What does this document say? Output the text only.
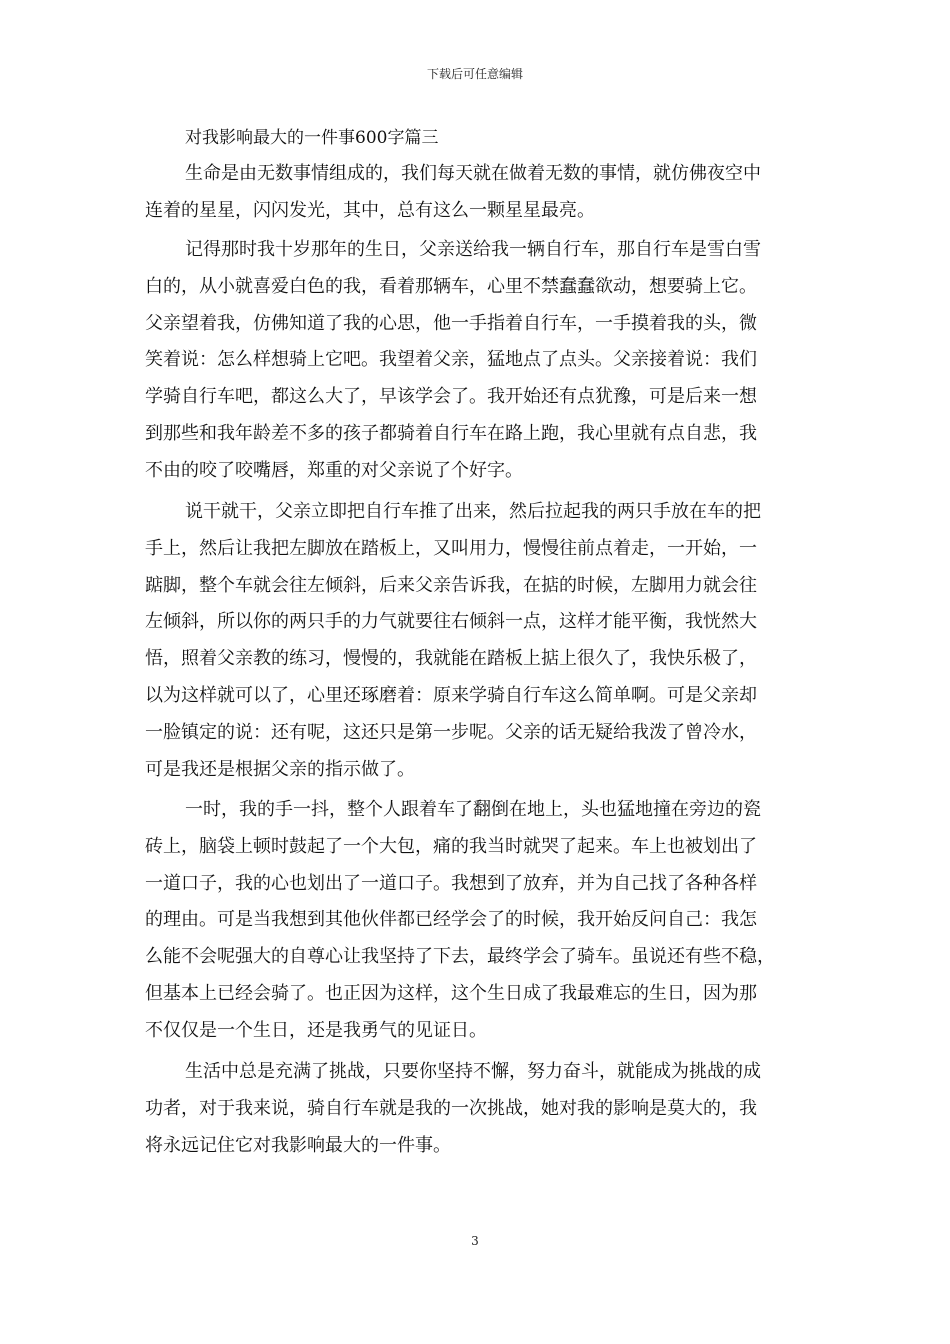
下载后可任意编辑
对我影响最大的一件事600字篇三
生命是由无数事情组成的，我们每天就在做着无数的事情，就仿佛夜空中
连着的星星，闪闪发光，其中，总有这么一颗星星最亮。
记得那时我十岁那年的生日，父亲送给我一辆自行车，那自行车是雪白雪
白的，从小就喜爱白色的我，看着那辆车，心里不禁蠢蠢欲动，想要骑上它。
父亲望着我，仿佛知道了我的心思，他一手指着自行车，一手摸着我的头，微
笑着说：怎么样想骑上它吧。我望着父亲，猛地点了点头。父亲接着说：我们
学骑自行车吧，都这么大了，早该学会了。我开始还有点犹豫，可是后来一想
到那些和我年龄差不多的孩子都骑着自行车在路上跑，我心里就有点自悲，我
不由的咬了咬嘴唇，郑重的对父亲说了个好字。
说干就干，父亲立即把自行车推了出来，然后拉起我的两只手放在车的把
手上，然后让我把左脚放在踏板上，又叫用力，慢慢往前点着走，一开始，一
踮脚，整个车就会往左倾斜，后来父亲告诉我，在掂的时候，左脚用力就会往
左倾斜，所以你的两只手的力气就要往右倾斜一点，这样才能平衡，我恍然大
悟，照着父亲教的练习，慢慢的，我就能在踏板上掂上很久了，我快乐极了，
以为这样就可以了，心里还琢磨着：原来学骑自行车这么简单啊。可是父亲却
一脸镇定的说：还有呢，这还只是第一步呢。父亲的话无疑给我泼了曾冷水，
可是我还是根据父亲的指示做了。
一时，我的手一抖，整个人跟着车了翻倒在地上，头也猛地撞在旁边的瓷
砖上，脑袋上顿时鼓起了一个大包，痛的我当时就哭了起来。车上也被划出了
一道口子，我的心也划出了一道口子。我想到了放弃，并为自己找了各种各样
的理由。可是当我想到其他伙伴都已经学会了的时候，我开始反问自己：我怎
么能不会呢强大的自尊心让我坚持了下去，最终学会了骑车。虽说还有些不稳，
但基本上已经会骑了。也正因为这样，这个生日成了我最难忘的生日，因为那
不仅仅是一个生日，还是我勇气的见证日。
生活中总是充满了挑战，只要你坚持不懈，努力奋斗，就能成为挑战的成
功者，对于我来说，骑自行车就是我的一次挑战，她对我的影响是莫大的，我
将永远记住它对我影响最大的一件事。
3
